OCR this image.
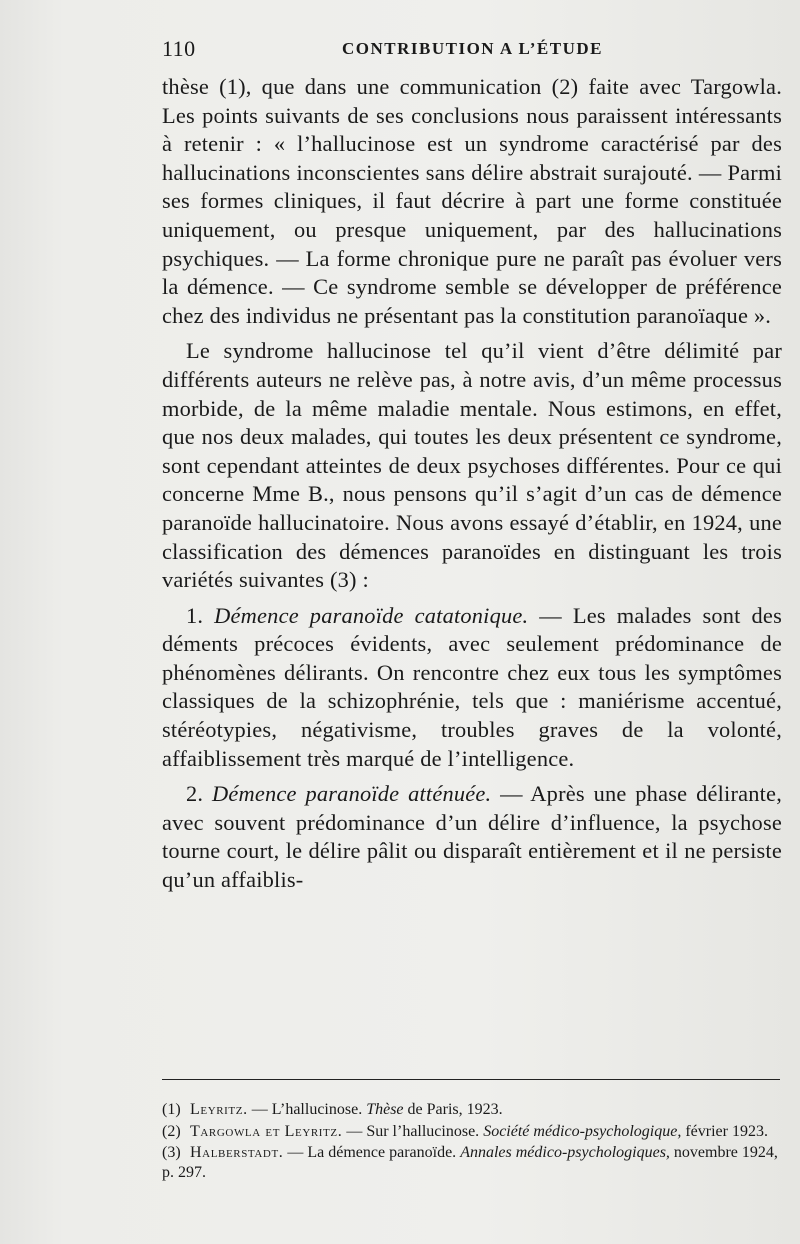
110	CONTRIBUTION A L’ÉTUDE

thèse (1), que dans une communication (2) faite avec Targowla. Les points suivants de ses conclusions nous paraissent intéressants à retenir : « l’hallucinose est un syndrome caractérisé par des hallucinations inconscientes sans délire abstrait surajouté. — Parmi ses formes cliniques, il faut décrire à part une forme constituée uniquement, ou presque uniquement, par des hallucinations psychiques. — La forme chronique pure ne paraît pas évoluer vers la démence. — Ce syndrome semble se développer de préférence chez des individus ne présentant pas la constitution paranoïaque ».

Le syndrome hallucinose tel qu’il vient d’être délimité par différents auteurs ne relève pas, à notre avis, d’un même processus morbide, de la même maladie mentale. Nous estimons, en effet, que nos deux malades, qui toutes les deux présentent ce syndrome, sont cependant atteintes de deux psychoses différentes. Pour ce qui concerne Mme B., nous pensons qu’il s’agit d’un cas de démence paranoïde hallucinatoire. Nous avons essayé d’établir, en 1924, une classification des démences paranoïdes en distinguant les trois variétés suivantes (3) :

1. Démence paranoïde catatonique. — Les malades sont des déments précoces évidents, avec seulement prédominance de phénomènes délirants. On rencontre chez eux tous les symptômes classiques de la schizophrénie, tels que : maniérisme accentué, stéréotypies, négativisme, troubles graves de la volonté, affaiblissement très marqué de l’intelligence.

2. Démence paranoïde atténuée. — Après une phase délirante, avec souvent prédominance d’un délire d’influence, la psychose tourne court, le délire pâlit ou disparaît entièrement et il ne persiste qu’un affaiblis-

(1) Leyritz. — L’hallucinose. Thèse de Paris, 1923.

(2) Targowla et Leyritz. — Sur l’hallucinose. Société médico-psychologique, février 1923.

(3) Halberstadt. — La démence paranoïde. Annales médico-psychologiques, novembre 1924, p. 297.
